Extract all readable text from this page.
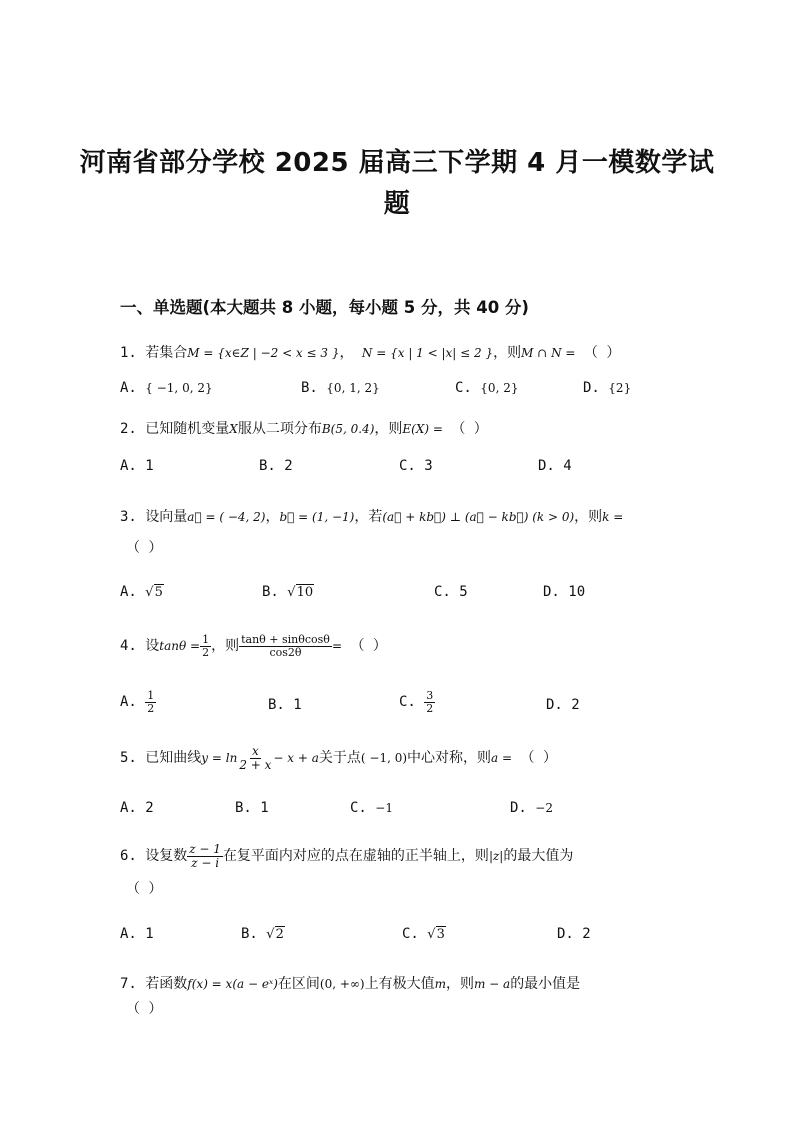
河南省部分学校 2025 届高三下学期 4 月一模数学试
题
一、单选题(本大题共 8 小题，每小题 5 分，共 40 分)
1. 若集合M = {x∈Z | −2 < x ≤ 3 }， N = {x | 1 < |x| ≤ 2 }，则M ∩ N = （ ）
A. { −1, 0, 2}	B. {0, 1, 2}	C. {0, 2}	D. {2}
2. 已知随机变量X服从二项分布B(5, 0.4)，则E(X) = （ ）
A. 1	B. 2	C. 3	D. 4
3. 设向量a⃗ = ( −4, 2)，b⃗ = (1, −1)，若(a⃗ + kb⃗) ⊥ (a⃗ − kb⃗) (k > 0)，则k =
（ ）
A. √5	B. √10	C. 5	D. 10
4. 设$\tan\theta = \frac{1}{2}$ ，则 $\frac{\tan\theta + \sin\theta\cos\theta}{\cos 2\theta}$ = （ ）
A. $\frac{1}{2}$	B. 1	C. $\frac{3}{2}$	D. 2
5. 已知曲线$y = \ln \frac{x}{2 + x} - x + a$关于点( −1, 0)中心对称，则a = （ ）
A. 2	B. 1	C. −1	D. −2
6. 设复数 $\frac{z - 1}{z - i}$ 在复平面内对应的点在虚轴的正半轴上，则|z|的最大值为
（ ）
A. 1	B. √2	C. √3	D. 2
7. 若函数f(x) = x(a − eˣ)在区间(0, +∞)上有极大值m，则m − a的最小值是
（ ）
